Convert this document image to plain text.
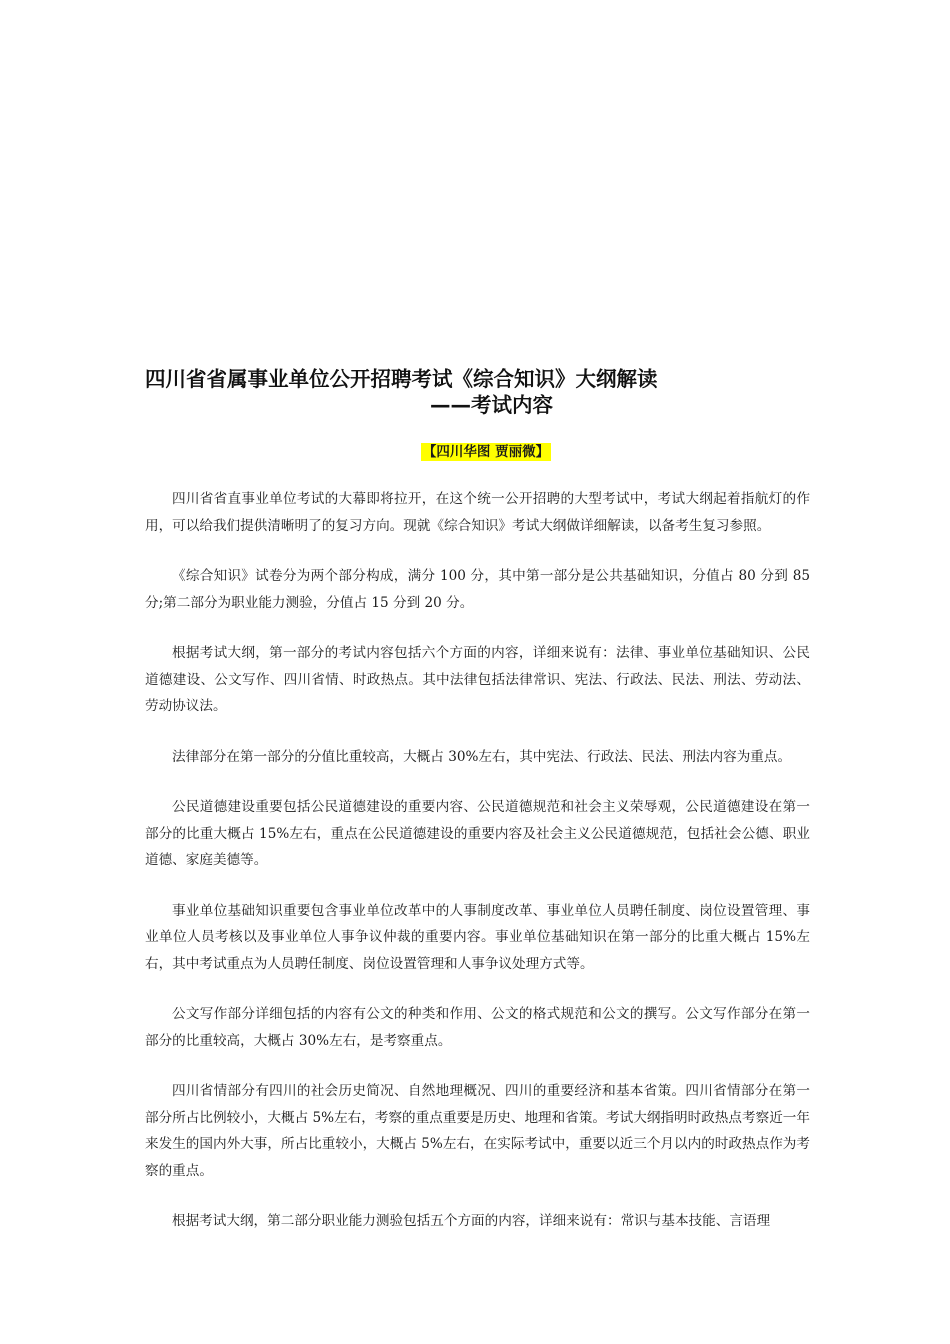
四川省省属事业单位公开招聘考试《综合知识》大纲解读
——考试内容
【四川华图 贾丽微】

四川省省直事业单位考试的大幕即将拉开，在这个统一公开招聘的大型考试中，考试大纲起着指航灯的作用，可以给我们提供清晰明了的复习方向。现就《综合知识》考试大纲做详细解读，以备考生复习参照。

《综合知识》试卷分为两个部分构成，满分 100 分，其中第一部分是公共基础知识，分值占 80 分到 85 分;第二部分为职业能力测验，分值占 15 分到 20 分。

根据考试大纲，第一部分的考试内容包括六个方面的内容，详细来说有：法律、事业单位基础知识、公民道德建设、公文写作、四川省情、时政热点。其中法律包括法律常识、宪法、行政法、民法、刑法、劳动法、劳动协议法。

法律部分在第一部分的分值比重较高，大概占 30%左右，其中宪法、行政法、民法、刑法内容为重点。

公民道德建设重要包括公民道德建设的重要内容、公民道德规范和社会主义荣辱观，公民道德建设在第一部分的比重大概占 15%左右，重点在公民道德建设的重要内容及社会主义公民道德规范，包括社会公德、职业道德、家庭美德等。

事业单位基础知识重要包含事业单位改革中的人事制度改革、事业单位人员聘任制度、岗位设置管理、事业单位人员考核以及事业单位人事争议仲裁的重要内容。事业单位基础知识在第一部分的比重大概占 15%左右，其中考试重点为人员聘任制度、岗位设置管理和人事争议处理方式等。

公文写作部分详细包括的内容有公文的种类和作用、公文的格式规范和公文的撰写。公文写作部分在第一部分的比重较高，大概占 30%左右，是考察重点。

四川省情部分有四川的社会历史简况、自然地理概况、四川的重要经济和基本省策。四川省情部分在第一部分所占比例较小，大概占 5%左右，考察的重点重要是历史、地理和省策。考试大纲指明时政热点考察近一年来发生的国内外大事，所占比重较小，大概占 5%左右，在实际考试中，重要以近三个月以内的时政热点作为考察的重点。

根据考试大纲，第二部分职业能力测验包括五个方面的内容，详细来说有：常识与基本技能、言语理
